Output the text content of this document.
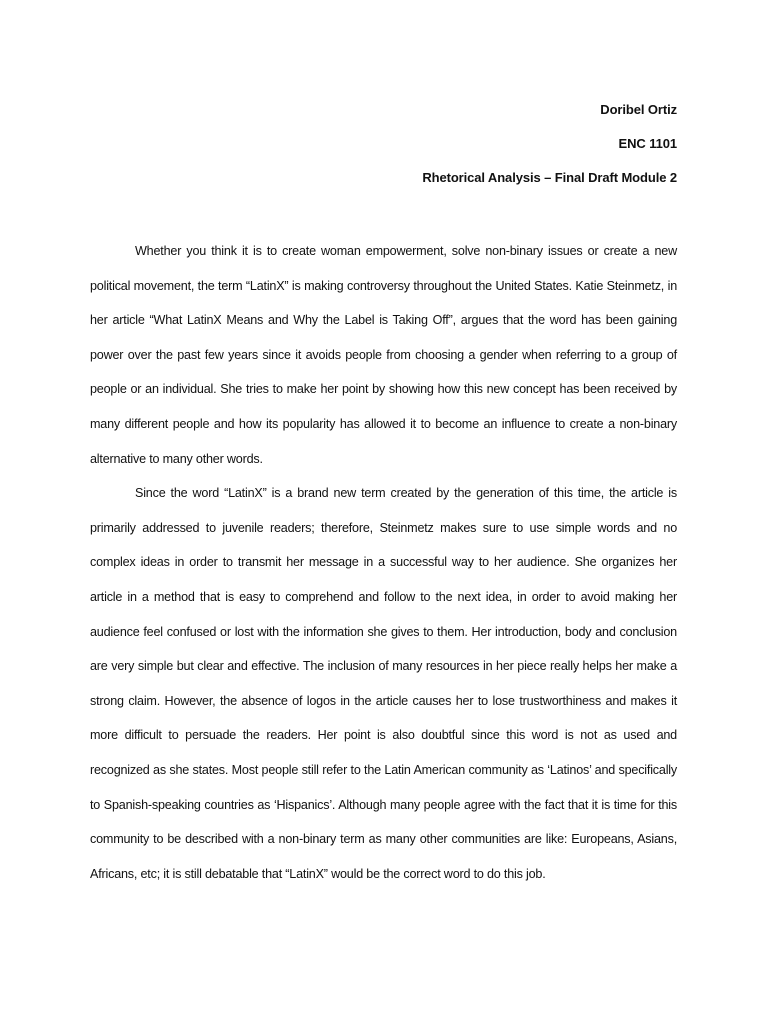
Doribel Ortiz
ENC 1101
Rhetorical Analysis – Final Draft Module 2

Whether you think it is to create woman empowerment, solve non-binary issues or create a new political movement, the term “LatinX” is making controversy throughout the United States. Katie Steinmetz, in her article “What LatinX Means and Why the Label is Taking Off”, argues that the word has been gaining power over the past few years since it avoids people from choosing a gender when referring to a group of people or an individual. She tries to make her point by showing how this new concept has been received by many different people and how its popularity has allowed it to become an influence to create a non-binary alternative to many other words.

Since the word “LatinX” is a brand new term created by the generation of this time, the article is primarily addressed to juvenile readers; therefore, Steinmetz makes sure to use simple words and no complex ideas in order to transmit her message in a successful way to her audience. She organizes her article in a method that is easy to comprehend and follow to the next idea, in order to avoid making her audience feel confused or lost with the information she gives to them. Her introduction, body and conclusion are very simple but clear and effective. The inclusion of many resources in her piece really helps her make a strong claim. However, the absence of logos in the article causes her to lose trustworthiness and makes it more difficult to persuade the readers. Her point is also doubtful since this word is not as used and recognized as she states. Most people still refer to the Latin American community as ‘Latinos’ and specifically to Spanish-speaking countries as ‘Hispanics’. Although many people agree with the fact that it is time for this community to be described with a non-binary term as many other communities are like: Europeans, Asians, Africans, etc; it is still debatable that “LatinX” would be the correct word to do this job.
